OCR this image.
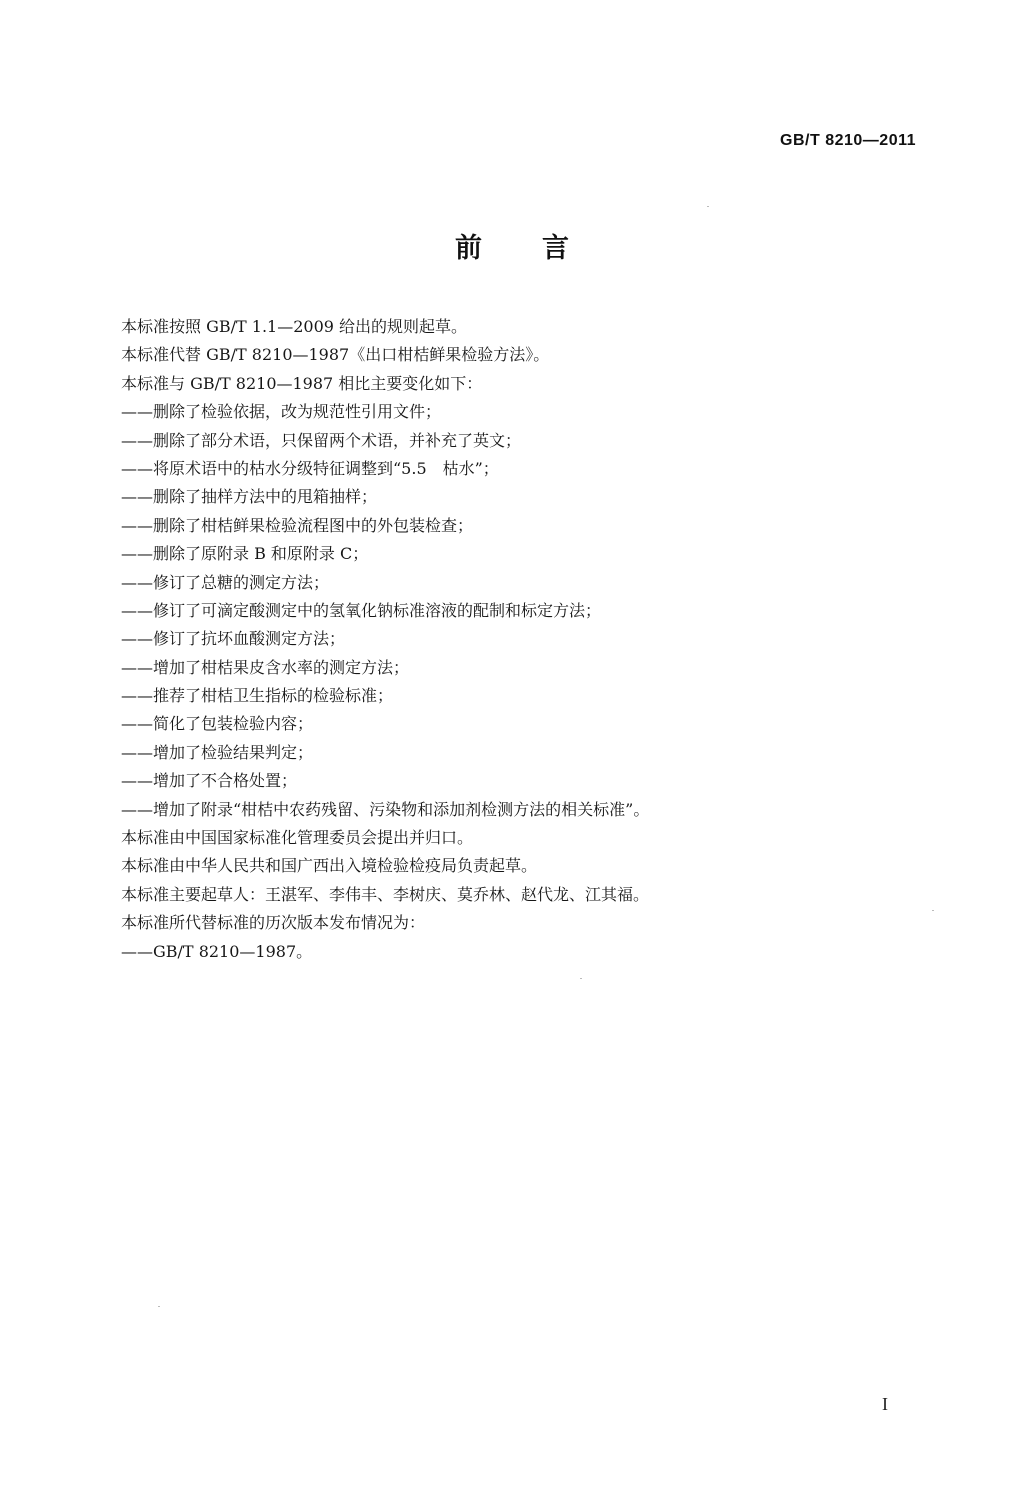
GB/T 8210—2011
前言
本标准按照 GB/T 1.1—2009 给出的规则起草。
本标准代替 GB/T 8210—1987《出口柑桔鲜果检验方法》。
本标准与 GB/T 8210—1987 相比主要变化如下：
——删除了检验依据，改为规范性引用文件；
——删除了部分术语，只保留两个术语，并补充了英文；
——将原术语中的枯水分级特征调整到“5.5　枯水”；
——删除了抽样方法中的甩箱抽样；
——删除了柑桔鲜果检验流程图中的外包装检查；
——删除了原附录 B 和原附录 C；
——修订了总糖的测定方法；
——修订了可滴定酸测定中的氢氧化钠标准溶液的配制和标定方法；
——修订了抗坏血酸测定方法；
——增加了柑桔果皮含水率的测定方法；
——推荐了柑桔卫生指标的检验标准；
——简化了包装检验内容；
——增加了检验结果判定；
——增加了不合格处置；
——增加了附录“柑桔中农药残留、污染物和添加剂检测方法的相关标准”。
本标准由中国国家标准化管理委员会提出并归口。
本标准由中华人民共和国广西出入境检验检疫局负责起草。
本标准主要起草人：王湛军、李伟丰、李树庆、莫乔林、赵代龙、江其福。
本标准所代替标准的历次版本发布情况为：
——GB/T 8210—1987。
I
